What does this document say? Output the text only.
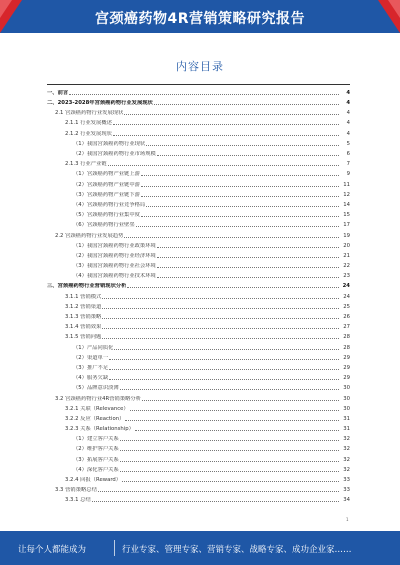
宫颈癌药物4R营销策略研究报告
内容目录
一、前言	4
二、2023-2028年宫颈癌药物行业发展现状	4
2.1 宫颈癌药物行业发展现状	4
2.1.1 行业发展概述	4
2.1.2 行业发展现状	4
（1）我国宫颈癌药物行业现状	5
（2）我国宫颈癌药物行业市场规模	6
2.1.3 行业产业链	7
（1）宫颈癌药物产业链上游	9
（2）宫颈癌药物产业链中游	11
（3）宫颈癌药物产业链下游	12
（4）宫颈癌药物行业竞争格局	14
（5）宫颈癌药物行业集中度	15
（6）宫颈癌药物行业壁垒	17
2.2 宫颈癌药物行业发展趋势	19
（1）我国宫颈癌药物行业政策环境	20
（2）我国宫颈癌药物行业经济环境	21
（3）我国宫颈癌药物行业社会环境	22
（4）我国宫颈癌药物行业技术环境	23
三、宫颈癌药物行业营销现状分析	24
3.1.1 营销模式	24
3.1.2 营销渠道	25
3.1.3 营销策略	26
3.1.4 营销效果	27
3.1.5 营销问题	28
（1）产品同质化	28
（2）渠道单一	29
（3）推广不足	29
（4）服务欠缺	29
（5）品牌意识淡薄	30
3.2 宫颈癌药物行业4R营销策略分析	30
3.2.1 关联（Relevance）	30
3.2.2 反应（Reaction）	31
3.2.3 关系（Relationship）	31
（1）建立客户关系	32
（2）维护客户关系	32
（3）拓展客户关系	32
（4）深化客户关系	32
3.2.4 回报（Reward）	33
3.3 营销策略总结	33
3.3.1 总结	34
1
让每个人都能成为	行业专家、管理专家、营销专家、战略专家、成功企业家……
